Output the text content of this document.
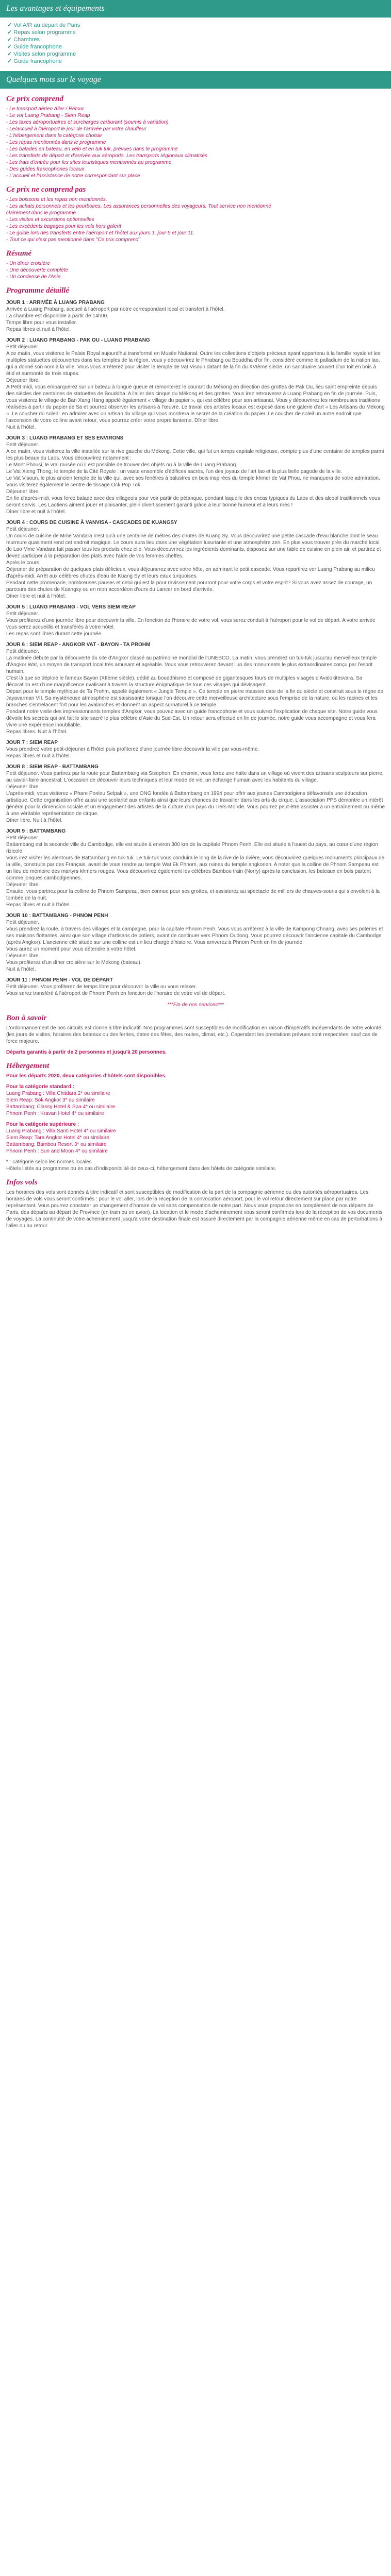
Les avantages et équipements
✓ Vol A/R au départ de Paris
✓ Repas selon programme
✓ Chambres
✓ Guide francophone
✓ Visites selon programme
✓ Guide francophone
Quelques mots sur le voyage
Ce prix comprend
- Le transport aérien Aller / Retour
- Le vol Luang Prabang - Siem Reap
- Les taxes aéroportuaires et surcharges carburant (soumis à variation)
- Le/accueil à l'aéroport le jour de l'arrivée par votre chauffeur
- L'hébergement dans la catégorie choisie
- Les repas mentionnés dans le programme
- Les balades en bateau, en vélo et en tuk tuk, prévues dans le programme
- Les transferts de départ et d'arrivée aux aéroports. Les transports régionaux climatisés
- Les frais d'entrée pour les sites touristiques mentionnés au programme
- Des guides francophones locaux
- L'accueil et l'assistance de notre correspondant sur place
Ce prix ne comprend pas
- Les boissons et les repas non mentionnés.
- Les achats personnels et les pourboires. Les assurances personnelles des voyageurs. Tout service non mentionné
clairement dans le programme.
- Les visites et excursions optionnelles
- Les excédents bagages pour les vols hors galerit
- Le guide lors des transferts entre l'aéroport et l'hôtel aux jours 1, jour 5 et jour 11.
- Tout ce qui n'est pas mentionné dans "Ce prix comprend"
Résumé
- Un dîner croisière
- Une découverte complète
- Un condensé de l'Asie
Programme détaillé
JOUR 1 : ARRIVÉE À LUANG PRABANG
Arrivée à Luang Prabang, accueil à l'aéroport par notre correspondant local et transfert à l'hôtel.
La chambre est disponible à partir de 14h00.
Temps libre pour vous installer.
Repas libres et nuit à l'hôtel.
JOUR 2 : LUANG PRABANG - PAK OU - LUANG PRABANG
Petit déjeuner.
A ce matin, vous visiterez le Palais Royal aujourd'hui transformé en Musée National. Outre les collections d'objets précieux ayant appartenu à la famille royale et les multiples statuettes découvertes dans les temples de la région, vous y découvrirez le Phrabang ou Bouddha d'or fin, considéré comme le palladium de la nation lao, qui a donné son nom à la ville. Vous vous arrêterez pour visiter le temple de Vat Visoun datant de la fin du XVIème siècle, un sanctuaire couvert d'un toit en bois à étid et surmonté de trois stupas.
Déjeuner libre.
A Petit midi, vous embarquerez sur un bateau à longue queue et remonterez le courant du Mékong en direction des grottes de Pak Ou, lieu saint empreinte depuis des siècles des centaines de statuettes de Bouddha. A l'aller des cinqus du Mékong et des grottes. Vous irez retrouverez à Luang Prabang en fin de journée. Puis, vous visiterez le village de Ban Xang Hang appelé également « village du papier », qui est célèbre pour son artisanat. Vous y découvrirez les nombreuses traditions réalisées à partir du papier de Sa et pourrez observer les artisans à l'œuvre. Le travail des artistes locaux est exposé dans une galerie d'art « Les Artisans du Mékong ». Le coucher du soleil : en admirer avec un artisan du village qui vous montrera le secret de la création du papier. Le coucher de soleil un autre endroit que l'ascension de votre colline avant retour, vous pourrez créer votre propre lanterne. Dîner libre.
Nuit à l'hôtel.
JOUR 3 : LUANG PRABANG ET SES ENVIRONS
Petit déjeuner.
A ce matin, vous visiterez la ville installée sur la rive gauche du Mékong. Cette ville, qui fut un temps capitale religieuse, compte plus d'une centaine de temples parmi les plus beaux du Laos. Vous découvrirez notamment :
Le Mont Phousi, le vrai musée où il est possible de trouver des objets ou à la ville de Luang Prabang.
Le Vat Xieng Thong, le temple de la Cité Royale : un vaste ensemble d'édifices sacrés, l'un des joyaux de l'art lao et la plus belle pagode de la ville.
Le Vat Visoun, le plus ancien temple de la ville qui, avec ses fenêtres à balustres en bois inspirées du temple khmer de Vat Phou, ne manquera de votre admiration.
Vous visiterez également le centre de tissage Ock Pop Tok.
Déjeuner libre.
En fin d'après-midi, vous ferez balade avec des villageois pour voir partir de pétanque, pendant laquelle des encas typiques du Laos et des alcool traditionnels vous seront servis. Les Laotiens aiment jouer et plaisanter, plein divertissement garanti grâce à leur bonne humeur et à leurs rires !
Dîner libre et nuit à l'hôtel.
JOUR 4 : COURS DE CUISINE À VANVISA - CASCADES DE KUANGSY
Petit déjeuner.
Un cours de cuisine de Mme Vandara n'est qu'à une centaine de mètres des chutes de Kuang Sy. Vous découvrirez une petite cascade d'eau blanche dont le seau murmure quasiment rend cet endroit magique. Le cours aura lieu dans une végétation luxuriante et une atmosphère zen. En plus vous trouver près du marché local de Lao Mme Vandara fait passer tous les produits chez elle. Vous découvrirez les ingrédients dominants, disposez sur une table de cuisine en plein air, et partirez et devez participer à la préparation des plats avec l'aide de vos femmes cheffes.
Après le cours.
Déjeuner de préparation de quelques plats délicieux, vous déjeunerez avec votre hôte, en admirant le petit cascade. Vous repartirez ver Luang Prabang au milieu d'après-midi. Arrêt aux célèbres chutes d'eau de Kuang Sy et leurs eaux turquoises.
Pendant cette promenade, nombreuses pauses et celui qui est là pour ravissement pourront pour votre corps et votre esprit ! Si vous avez assez de courage, un parcours des chutes de Kuangsy ou en mon accordéon d'ours du Lancer en bord d'arrivée.
Dîner libre et nuit à l'hôtel.
JOUR 5 : LUANG PRABANG - VOL VERS SIEM REAP
Petit déjeuner.
Vous profiterez d'une journée libre pour découvrir la ville. En fonction de l'horaire de votre vol, vous serez conduit à l'aéroport pour le vol de départ. A votre arrivée vous serez accueillis et transférés à votre hôtel.
Les repas sont libres durant cette journée.
JOUR 6 : SIEM REAP - ANGKOR VAT - BAYON - TA PROHM
Petit déjeuner.
La matinée débute par la découverte du site d'Angkor classé au patrimoine mondial de l'UNESCO. La matin, vous prendrez un tuk-tuk jusqu'au merveilleux temple d'Angkor Wat, un moyen de transport local très amusant et agréable. Vous vous retrouverez devant l'un des monuments le plus extraordinaires conçu par l'esprit humain.
C'est là que se déploie le fameux Bayon (XIIème siècle), dédié au bouddhisme et composé de gigantesques tours de multiples visages d'Avalokitesvara. Sa décoration est d'une magnificence rivalisant à travers la structure énigmatique de tous ces visages qui dévisagent.
Départ pour le temple mythique de Ta Prohm, appelé également « Jungle Temple ». Ce temple en pierre massive date de la fin du siècle et construit sous le règne de Jayavarman VII. Sa mystérieuse atmosphère est saisissante lorsque l'on découvre cette merveilleuse architecture sous l'emprise de la nature, où les racines et les branches s'entrelacent fort pour les avalanches et donnent un aspect surnaturel à ce temple.
Pendant notre visite des impressionnants temples d'Angkor, vous pouvez avec un guide francophone et vous suivrez l'explication de chaque site. Notre guide vous dévoile les secrets qui ont fait le site sacré le plus célèbre d'Asie du Sud-Est. Un retour sera effectué en fin de journée, notre guide vous accompagne et vous fera vivre une expérience inoubliable.
Repas libres. Nuit à l'hôtel.
JOUR 7 : SIEM REAP
Vous prendrez votre petit-déjeuner à l'hôtel puis profiterez d'une journée libre découvrir la ville par vous-même.
Repas libres et nuit à l'hôtel.
JOUR 8 : SIEM REAP - BATTAMBANG
Petit déjeuner. Vous partirez par la route pour Battambang via Sisophon. En chemin, vous ferez une halte dans un village où vivent des artisans sculpteurs sur pierre, au savoir-faire ancestral. L'occasion de découvrir leurs techniques et leur mode de vie, un échange humain avec les habitants du village.
Déjeuner libre.
L'après-midi, vous visiterez « Phare Ponleu Selpak », une ONG fondée à Battambang en 1994 pour offrir aux jeunes Cambodgiens défavorisés une éducation artistique. Cette organisation offre aussi une scolarité aux enfants ainsi que leurs chances de travailler dans les arts du cirque. L'association PPS démontre un intérêt général pour la dimension sociale et un engagement des artistes de la culture d'un pays du Tiers-Monde. Vous pourrez peut-être assister à un entraînement ou même à une véritable représentation de cirque.
Dîner libre. Nuit à l'hôtel.
JOUR 9 : BATTAMBANG
Petit déjeuner.
Battambang est la seconde ville du Cambodge, elle est située à environ 300 km de la capitale Phnom Penh. Elle est située à l'ouest du pays, au cœur d'une région rizicole.
Vous irez visiter les alentours de Battambang en tuk-tuk. Le tuk-tuk vous conduira le long de la rive de la rivière, vous découvrirez quelques monuments principaux de la ville, construits par des Français, avant de vous rendre au temple Wat Ek Phnom, aux ruines du temple angkorien. A noter que la colline de Phnom Sampeau est un lieu de mémoire des martyrs khmers rouges. Vous découvrirez également les célèbres Bambou train (Norry) après la conclusion, les bateaux en bois partent comme jonques cambodgiennes.
Déjeuner libre.
Ensuite, vous partirez pour la colline de Phnom Sampeau, bien connue pour ses grottes, et assisterez au spectacle de milliers de chauves-souris qui s'envolent à la tombée de la nuit.
Repas libres et nuit à l'hôtel.
JOUR 10 : BATTAMBANG - PHNOM PENH
Petit déjeuner.
Vous prendrez la route, à travers des villages et la campagne, pour la capitale Phnom Penh. Vous vous arrêterez à la ville de Kampong Chnang, avec ses poteries et ses maisons flottantes, ainsi que son village d'artisans de potiers, avant de continuer vers Phnom Oudong. Vous pourrez découvrir l'ancienne capitale du Cambodge (après Angkor). L'ancienne cité située sur une colline est un lieu chargé d'histoire. Vous arriverez à Phnom Penh en fin de journée.
Vous aurez un moment pour vous détendre à votre hôtel.
Déjeuner libre.
Vous profiterez d'un dîner croisière sur le Mékong (bateau).
Nuit à l'hôtel.
JOUR 11 : PHNOM PENH - VOL DE DÉPART
Petit déjeuner. Vous profiterez de temps libre pour découvrir la ville ou vous relaxer.
Vous serez transféré à l'aéroport de Phnom Penh en fonction de l'horaire de votre vol de départ.
***Fin de nos services***
Bon à savoir
L'ordonnancement de nos circuits est donné à titre indicatif. Nos programmes sont susceptibles de modification en raison d'impératifs indépendants de notre volonté (les jours de visites, horaires des bateaux ou des ferries, dates des fêtes, des routes, climat, etc.). Cependant les prestations prévues sont respectées, sauf cas de force majeure.
Départs garantis à partir de 2 personnes et jusqu'à 20 personnes.
Hébergement
Pour les départs 2020, deux catégories d'hôtels sont disponibles.
Pour la catégorie standard :
Luang Prabang : Villa Chitdara 2* ou similaire
Siem Reap: Sok Angkor 3* ou similaire
Battambang: Classy Hotel & Spa 4* ou similaire
Phnom Penh : Kravan Hotel 4* ou similaire
Pour la catégorie supérieure :
Luang Prabang : Villa Santi Hotel 4* ou similaire
Siem Reap: Tara Angkor Hotel 4* ou similaire
Battambang: Bambou Resort 3* ou similaire
Phnom Penh : Sun and Moon 4* ou similaire
* : catégorie selon les normes locales
Hôtels listés au programme ou en cas d'indisponibilité de ceux-ci, hébergement dans des hôtels de catégorie similaire.
Infos vols
Les horaires des vols sont donnés à titre indicatif et sont susceptibles de modification de la part de la compagnie aérienne ou des autorités aéroportuaires. Les horaires de vols vous seront confirmés : pour le vol aller, lors de la réception de la convocation aéroport, pour le vol retour directement sur place par notre représentant. Vous pourrez constater un changement d'horaire de vol sans compensation de notre part. Nous vous proposons en complément de nos départs de Paris, des départs au départ de Province (en train ou en avion). La location et le mode d'acheminement vous seront confirmés lors de la réception de vos documents de voyages. La continuité de votre acheminement jusqu'à votre destination finale est assuré directement par la compagnie aérienne même en cas de perturbations à l'aller ou au retour.
